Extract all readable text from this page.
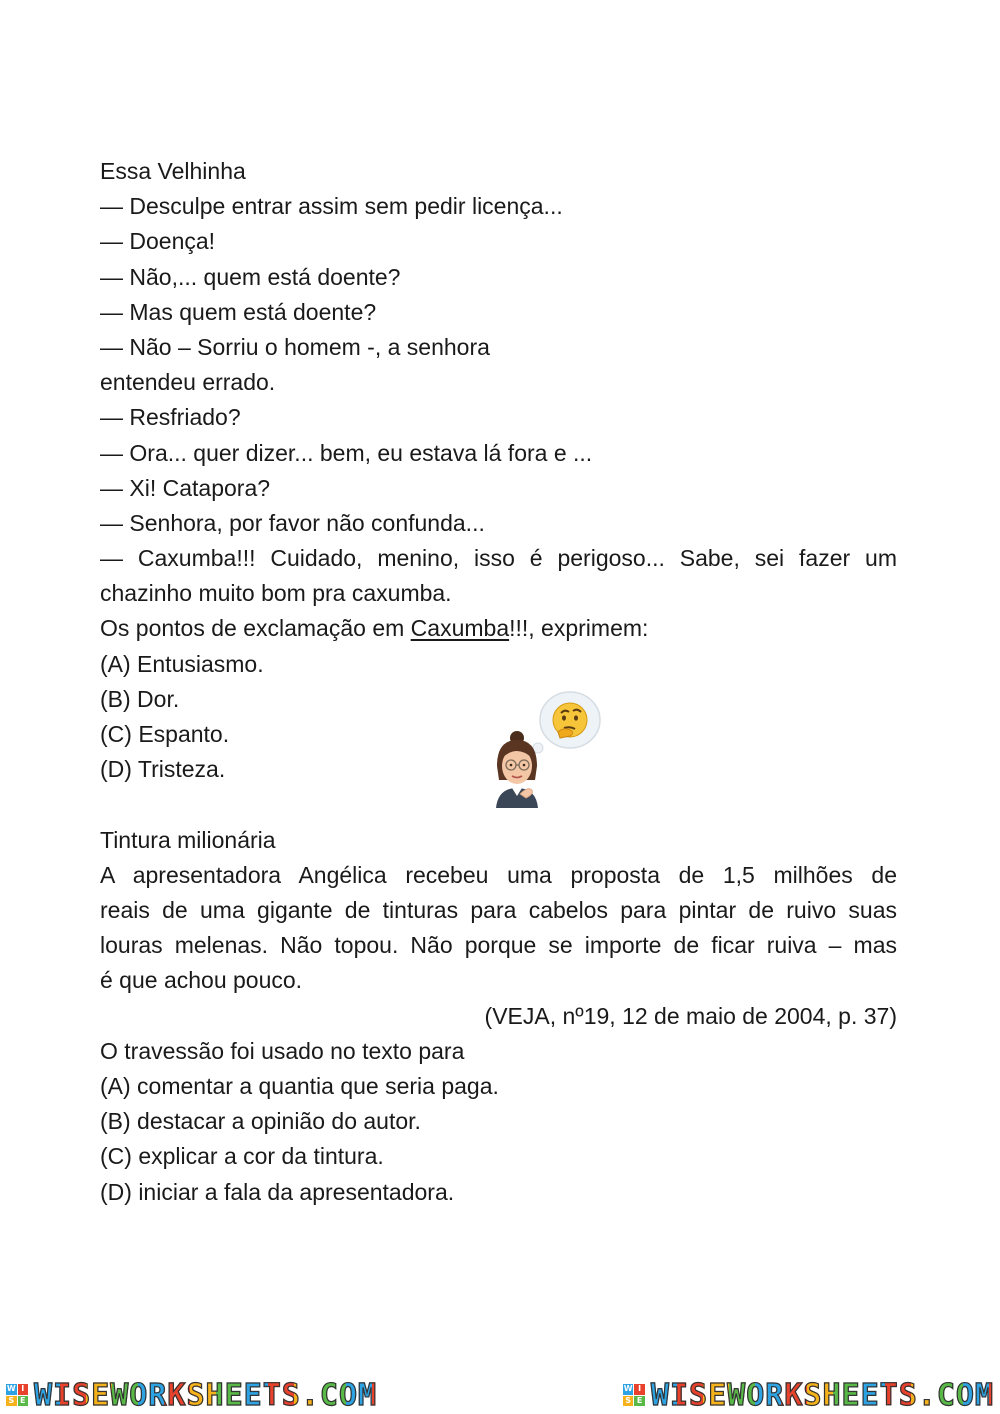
Essa Velhinha
— Desculpe entrar assim sem pedir licença...
— Doença!
— Não,... quem está doente?
— Mas quem está doente?
— Não – Sorriu o homem -, a senhora
entendeu errado.
— Resfriado?
— Ora... quer dizer... bem, eu estava lá fora e ...
— Xi! Catapora?
— Senhora, por favor não confunda...
— Caxumba!!! Cuidado, menino, isso é perigoso... Sabe, sei fazer um
chazinho muito bom pra caxumba.
Os pontos de exclamação em Caxumba!!!, exprimem:
(A) Entusiasmo.
(B) Dor.
(C) Espanto.
(D) Tristeza.
Tintura milionária
A apresentadora Angélica recebeu uma proposta de 1,5 milhões de
reais de uma gigante de tinturas para cabelos para pintar de ruivo suas
louras melenas. Não topou. Não porque se importe de ficar ruiva – mas
é que achou pouco.
(VEJA, nº19, 12 de maio de 2004, p. 37)
O travessão foi usado no texto para
(A) comentar a quantia que seria paga.
(B) destacar a opinião do autor.
(C) explicar a cor da tintura.
(D) iniciar a fala da apresentadora.
W I
S E WISEWORKSHEETS.COM	W I
S E WISEWORKSHEETS.COM
